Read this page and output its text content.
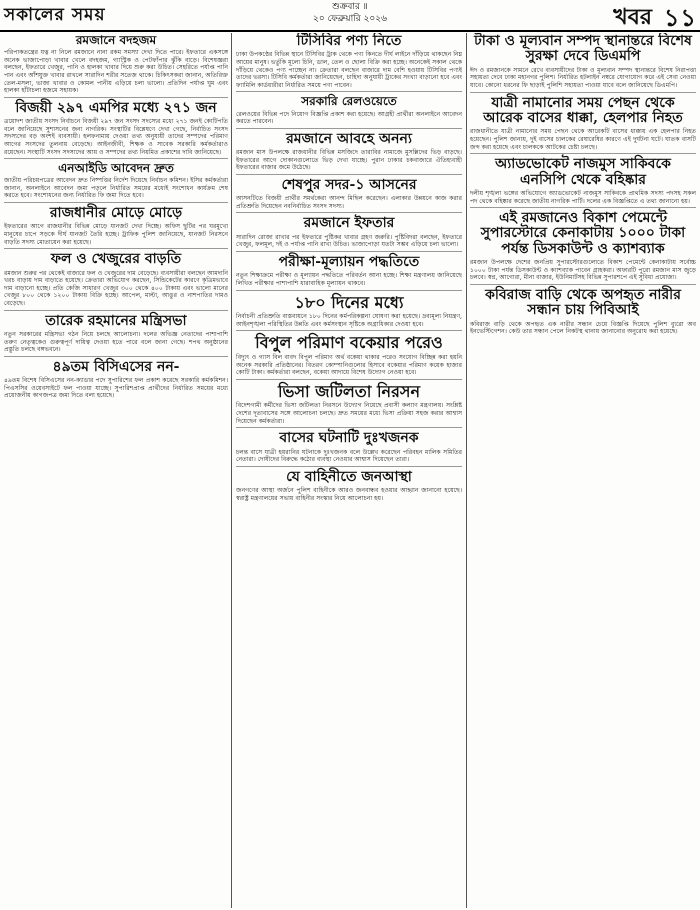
সকালের সময়	শুক্রবার ॥
২০ ফেব্রুয়ারি ২০২৬	খবর ১১
রমজানে বদহজম

পরিপাকতন্ত্রের যত্ন না নিলে রমজানে নানা রকম সমস্যা দেখা দিতে পারে। ইফতারে একসঙ্গে অনেক ভাজাপোড়া খাবার খেলে বদহজম, গ্যাস্ট্রিক ও পেটফাঁপার ঝুঁকি বাড়ে। বিশেষজ্ঞরা বলছেন, ইফতারে খেজুর, পানি ও হালকা খাবার দিয়ে শুরু করা উচিত। সেহরিতে পর্যাপ্ত পানি পান এবং আঁশযুক্ত খাবার রাখলে সারাদিন শরীর সতেজ থাকে। চিকিৎসকরা জানান, অতিরিক্ত তেল-মসলা, ভাজা খাবার ও কোমল পানীয় এড়িয়ে চলা ভালো। প্রতিদিন পর্যাপ্ত ঘুম এবং হালকা হাঁটাচলা হজমে সহায়ক।

বিজয়ী ২৯৭ এমপির মধ্যে ২৭১ জন

ত্রয়োদশ জাতীয় সংসদ নির্বাচনে বিজয়ী ২৯৭ জন সংসদ সদস্যের মধ্যে ২৭১ জনই কোটিপতি বলে জানিয়েছে সুশাসনের জন্য নাগরিক। সংস্থাটির বিশ্লেষণে দেখা গেছে, নির্বাচিত সংসদ সদস্যদের বড় অংশই ব্যবসায়ী। হলফনামায় দেওয়া তথ্য অনুযায়ী তাদের সম্পদের পরিমাণ আগের সংসদের তুলনায় বেড়েছে। আইনজীবী, শিক্ষক ও সাবেক সরকারি কর্মকর্তারাও রয়েছেন। সংস্থাটি সংসদ সদস্যদের আয় ও সম্পদের তথ্য নিয়মিত প্রকাশের দাবি জানিয়েছে।

এনআইডি আবেদন দ্রুত

জাতীয় পরিচয়পত্রের আবেদন দ্রুত নিষ্পত্তির নির্দেশ দিয়েছে নির্বাচন কমিশন। ইসির কর্মকর্তারা জানান, অনলাইনে আবেদন জমা পড়লে নির্ধারিত সময়ের মধ্যেই সংশোধন কার্যক্রম শেষ করতে হবে। সংশোধনের জন্য নির্ধারিত ফি জমা দিতে হবে।

রাজধানীর মোড়ে মোড়ে

ইফতারের আগে রাজধানীর বিভিন্ন মোড়ে যানজট দেখা দিচ্ছে। অফিস ছুটির পর ঘরমুখো মানুষের চাপে সড়কে দীর্ঘ যানজট তৈরি হচ্ছে। ট্রাফিক পুলিশ জানিয়েছে, যানজট নিরসনে বাড়তি সদস্য মোতায়েন করা হয়েছে।

ফল ও খেজুরের বাড়তি

রমজান শুরুর পর থেকেই বাজারে ফল ও খেজুরের দাম বেড়েছে। ব্যবসায়ীরা বলছেন আমদানি খরচ বাড়ায় দাম বাড়াতে হয়েছে। ক্রেতারা অভিযোগ করছেন, সিন্ডিকেটের কারণে কৃত্রিমভাবে দাম বাড়ানো হচ্ছে। প্রতি কেজি সাধারণ খেজুর ৩০০ থেকে ৪০০ টাকায় এবং ভালো মানের খেজুর ৮০০ থেকে ১২০০ টাকায় বিক্রি হচ্ছে। আপেল, মাল্টা, আঙুর ও নাশপাতির দামও বেড়েছে।

তারেক রহমানের মন্ত্রিসভা

নতুন সরকারের মন্ত্রিসভা গঠন নিয়ে চলছে আলোচনা। দলের অভিজ্ঞ নেতাদের পাশাপাশি তরুণ নেতৃত্বকেও গুরুত্বপূর্ণ দায়িত্ব দেওয়া হতে পারে বলে জানা গেছে। শপথ অনুষ্ঠানের প্রস্তুতি চলছে বঙ্গভবনে।

৪৯তম বিসিএসের নন-

৪৯তম বিশেষ বিসিএসের নন-ক্যাডার পদে সুপারিশের ফল প্রকাশ করেছে সরকারি কর্মকমিশন। পিএসসির ওয়েবসাইটে ফল পাওয়া যাচ্ছে। সুপারিশপ্রাপ্ত প্রার্থীদের নির্ধারিত সময়ের মধ্যে প্রয়োজনীয় কাগজপত্র জমা দিতে বলা হয়েছে।

টিসিবির পণ্য নিতে

ঢাকা উপকণ্ঠের বিভিন্ন স্থানে টিসিবির ট্রাক থেকে পণ্য কিনতে দীর্ঘ লাইনে দাঁড়িয়ে থাকছেন নিম্ন আয়ের মানুষ। ভর্তুকি মূল্যে চিনি, ডাল, তেল ও ছোলা বিক্রি করা হচ্ছে। অনেকেই সকাল থেকে দাঁড়িয়ে থেকেও পণ্য পাচ্ছেন না। ক্রেতারা বলছেন বাজারে দাম বেশি হওয়ায় টিসিবির পণ্যই তাদের ভরসা। টিসিবি কর্মকর্তারা জানিয়েছেন, চাহিদা অনুযায়ী ট্রাকের সংখ্যা বাড়ানো হবে এবং ফ্যামিলি কার্ডধারীরা নির্ধারিত সময়ে পণ্য পাবেন।

সরকারি রেলওয়েতে

রেলওয়ের বিভিন্ন পদে নিয়োগ বিজ্ঞপ্তি প্রকাশ করা হয়েছে। আগ্রহী প্রার্থীরা অনলাইনে আবেদন করতে পারবেন।

রমজানে আবহে অনন্য

রমজান মাস উপলক্ষে রাজধানীর বিভিন্ন মসজিদে তারাবির নামাজে মুসল্লিদের ভিড় বাড়ছে। ইফতারের আগে দোকানগুলোতে ভিড় দেখা যাচ্ছে। পুরান ঢাকার চকবাজারে ঐতিহ্যবাহী ইফতারের বাজার জমে উঠেছে।

শেষপুর সদর-১ আসনের

আসনটিতে বিজয়ী প্রার্থীর সমর্থকেরা আনন্দ মিছিল করেছেন। এলাকার উন্নয়নে কাজ করার প্রতিশ্রুতি দিয়েছেন নবনির্বাচিত সংসদ সদস্য।

রমজানে ইফতার

সারাদিন রোজা রাখার পর ইফতারে পুষ্টিকর খাবার গ্রহণ জরুরি। পুষ্টিবিদরা বলছেন, ইফতারে খেজুর, ফলমূল, দই ও পর্যাপ্ত পানি রাখা উচিত। ভাজাপোড়া যতটা সম্ভব এড়িয়ে চলা ভালো।

পরীক্ষা-মূল্যায়ন পদ্ধতিতে

নতুন শিক্ষাক্রমে পরীক্ষা ও মূল্যায়ন পদ্ধতিতে পরিবর্তন আনা হচ্ছে। শিক্ষা মন্ত্রণালয় জানিয়েছে লিখিত পরীক্ষার পাশাপাশি ধারাবাহিক মূল্যায়ন থাকবে।

১৮০ দিনের মধ্যে

নির্বাচনী প্রতিশ্রুতি বাস্তবায়নে ১৮০ দিনের কর্মপরিকল্পনা ঘোষণা করা হয়েছে। দ্রব্যমূল্য নিয়ন্ত্রণ, আইনশৃঙ্খলা পরিস্থিতির উন্নতি এবং কর্মসংস্থান সৃষ্টিকে অগ্রাধিকার দেওয়া হবে।

বিপুল পরিমাণ বকেয়ার পরেও

বিদ্যুৎ ও গ্যাস বিল বাবদ বিপুল পরিমাণ অর্থ বকেয়া থাকার পরেও সংযোগ বিচ্ছিন্ন করা হয়নি অনেক সরকারি প্রতিষ্ঠানের। বিতরণ কোম্পানিগুলোর হিসাবে বকেয়ার পরিমাণ কয়েক হাজার কোটি টাকা। কর্মকর্তারা বলছেন, বকেয়া আদায়ে বিশেষ উদ্যোগ নেওয়া হবে।

ভিসা জটিলতা নিরসন

বিদেশগামী কর্মীদের ভিসা জটিলতা নিরসনে উদ্যোগ নিয়েছে প্রবাসী কল্যাণ মন্ত্রণালয়। সংশ্লিষ্ট দেশের দূতাবাসের সঙ্গে আলোচনা চলছে। দ্রুত সময়ের মধ্যে ভিসা প্রক্রিয়া সহজ করার আশ্বাস দিয়েছেন কর্মকর্তারা।

বাসের ঘটনাটি দুঃখজনক

চলন্ত বাসে যাত্রী হয়রানির ঘটনাকে দুঃখজনক বলে উল্লেখ করেছেন পরিবহন মালিক সমিতির নেতারা। দোষীদের বিরুদ্ধে কঠোর ব্যবস্থা নেওয়ার আশ্বাস দিয়েছেন তারা।

যে বাহিনীতে জনআস্থা

জনগণের আস্থা অর্জনে পুলিশ বাহিনীকে আরও জনবান্ধব হওয়ার আহ্বান জানানো হয়েছে। স্বরাষ্ট্র মন্ত্রণালয়ের সভায় বাহিনীর সংস্কার নিয়ে আলোচনা হয়।

টাকা ও মূল্যবান সম্পদ স্থানান্তরে বিশেষ সুরক্ষা দেবে ডিএমপি

ঈদ ও রমজানকে সামনে রেখে ব্যবসায়ীদের টাকা ও মূল্যবান সম্পদ স্থানান্তরে বিশেষ নিরাপত্তা সহায়তা দেবে ঢাকা মহানগর পুলিশ। নির্ধারিত হটলাইন নম্বরে যোগাযোগ করে এই সেবা নেওয়া যাবে। কোনো ধরনের ফি ছাড়াই পুলিশি সহায়তা পাওয়া যাবে বলে জানিয়েছে ডিএমপি।

যাত্রী নামানোর সময় পেছন থেকে আরেক বাসের ধাক্কা, হেলপার নিহত

রাজধানীতে যাত্রী নামানোর সময় পেছন থেকে আরেকটি বাসের ধাক্কায় এক হেলপার নিহত হয়েছেন। পুলিশ জানায়, দুই বাসের চালকের রেষারেষির কারণে এই দুর্ঘটনা ঘটে। ঘাতক বাসটি জব্দ করা হয়েছে এবং চালককে আটকের চেষ্টা চলছে।

অ্যাডভোকেট নাজমুস সাকিবকে এনসিপি থেকে বহিষ্কার

দলীয় শৃঙ্খলা ভঙ্গের অভিযোগে অ্যাডভোকেট নাজমুস সাকিবকে প্রাথমিক সদস্য পদসহ সকল পদ থেকে বহিষ্কার করেছে জাতীয় নাগরিক পার্টি। দলের এক বিজ্ঞপ্তিতে এ তথ্য জানানো হয়।

এই রমজানেও বিকাশ পেমেন্টে সুপারস্টোরে কেনাকাটায় ১০০০ টাকা পর্যন্ত ডিসকাউন্ট ও ক্যাশব্যাক

রমজান উপলক্ষে দেশের জনপ্রিয় সুপারস্টোরগুলোতে বিকাশ পেমেন্টে কেনাকাটায় সর্বোচ্চ ১০০০ টাকা পর্যন্ত ডিসকাউন্ট ও ক্যাশব্যাক পাবেন গ্রাহকরা। অফারটি পুরো রমজান মাস জুড়ে চলবে। স্বপ্ন, আগোরা, মীনা বাজার, ইউনিমার্টসহ বিভিন্ন সুপারশপে এই সুবিধা প্রযোজ্য।

কবিরাজ বাড়ি থেকে অপহৃত নারীর সন্ধান চায় পিবিআই

কবিরাজ বাড়ি থেকে অপহৃত এক নারীর সন্ধান চেয়ে বিজ্ঞপ্তি দিয়েছে পুলিশ ব্যুরো অব ইনভেস্টিগেশন। কেউ তার সন্ধান পেলে নিকটস্থ থানায় জানানোর অনুরোধ করা হয়েছে।
